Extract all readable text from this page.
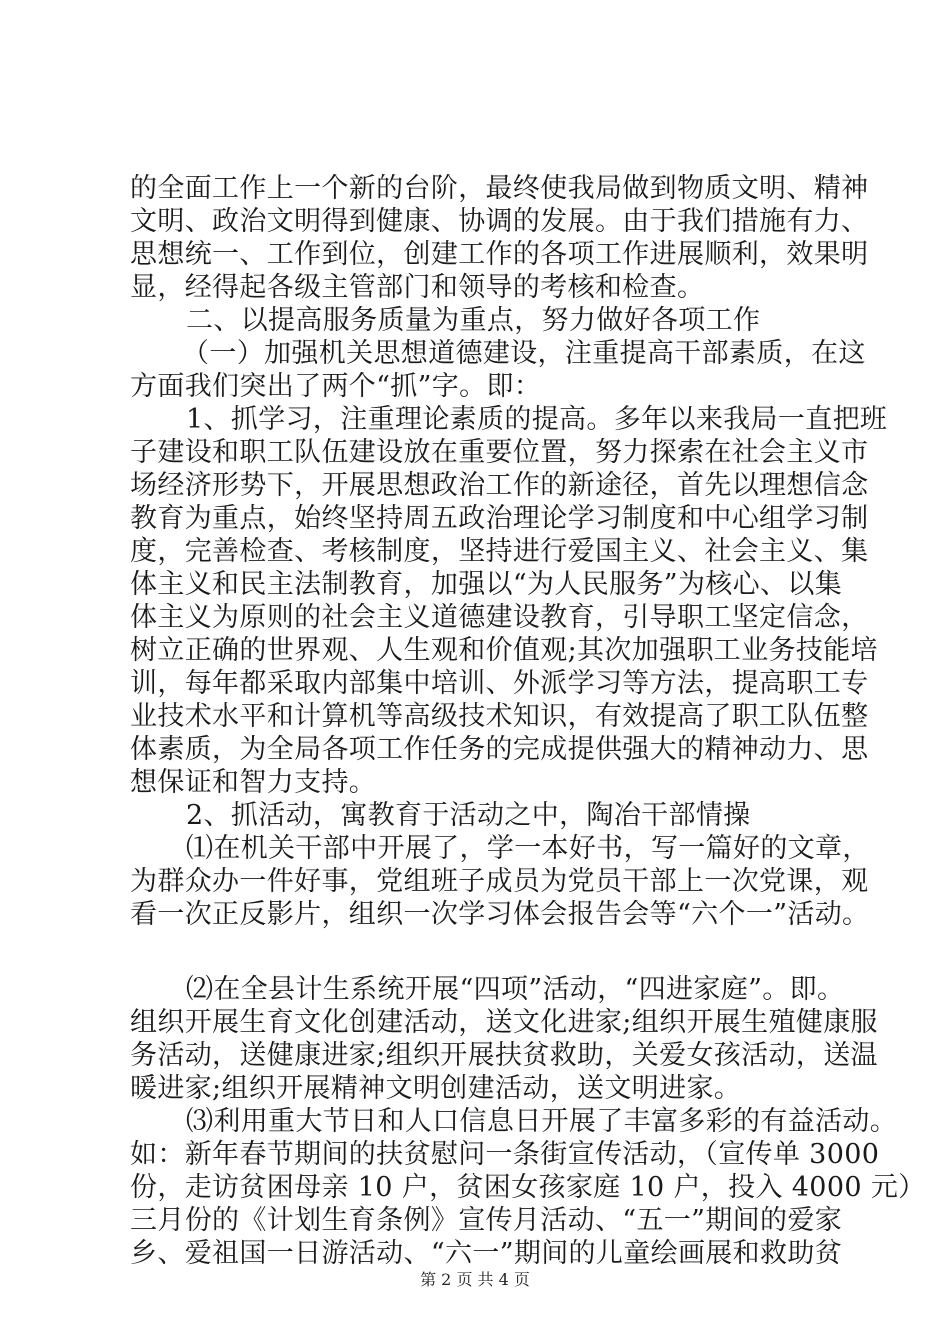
的全面工作上一个新的台阶，最终使我局做到物质文明、精神
文明、政治文明得到健康、协调的发展。由于我们措施有力、
思想统一、工作到位，创建工作的各项工作进展顺利，效果明
显，经得起各级主管部门和领导的考核和检查。
二、以提高服务质量为重点，努力做好各项工作
（一）加强机关思想道德建设，注重提高干部素质，在这
方面我们突出了两个“抓”字。即：
1、抓学习，注重理论素质的提高。多年以来我局一直把班
子建设和职工队伍建设放在重要位置，努力探索在社会主义市
场经济形势下，开展思想政治工作的新途径，首先以理想信念
教育为重点，始终坚持周五政治理论学习制度和中心组学习制
度，完善检查、考核制度，坚持进行爱国主义、社会主义、集
体主义和民主法制教育，加强以“为人民服务”为核心、以集
体主义为原则的社会主义道德建设教育，引导职工坚定信念，
树立正确的世界观、人生观和价值观;其次加强职工业务技能培
训，每年都采取内部集中培训、外派学习等方法，提高职工专
业技术水平和计算机等高级技术知识，有效提高了职工队伍整
体素质，为全局各项工作任务的完成提供强大的精神动力、思
想保证和智力支持。
2、抓活动，寓教育于活动之中，陶冶干部情操
⑴在机关干部中开展了，学一本好书，写一篇好的文章，
为群众办一件好事，党组班子成员为党员干部上一次党课，观
看一次正反影片，组织一次学习体会报告会等“六个一”活动。
⑵在全县计生系统开展“四项”活动，“四进家庭”。即。
组织开展生育文化创建活动，送文化进家;组织开展生殖健康服
务活动，送健康进家;组织开展扶贫救助，关爱女孩活动，送温
暖进家;组织开展精神文明创建活动，送文明进家。
⑶利用重大节日和人口信息日开展了丰富多彩的有益活动。
如：新年春节期间的扶贫慰问一条街宣传活动，（宣传单 3000
份，走访贫困母亲 10 户，贫困女孩家庭 10 户，投入 4000 元）
三月份的《计划生育条例》宣传月活动、“五一”期间的爱家
乡、爱祖国一日游活动、“六一”期间的儿童绘画展和救助贫
第 2 页 共 4 页
